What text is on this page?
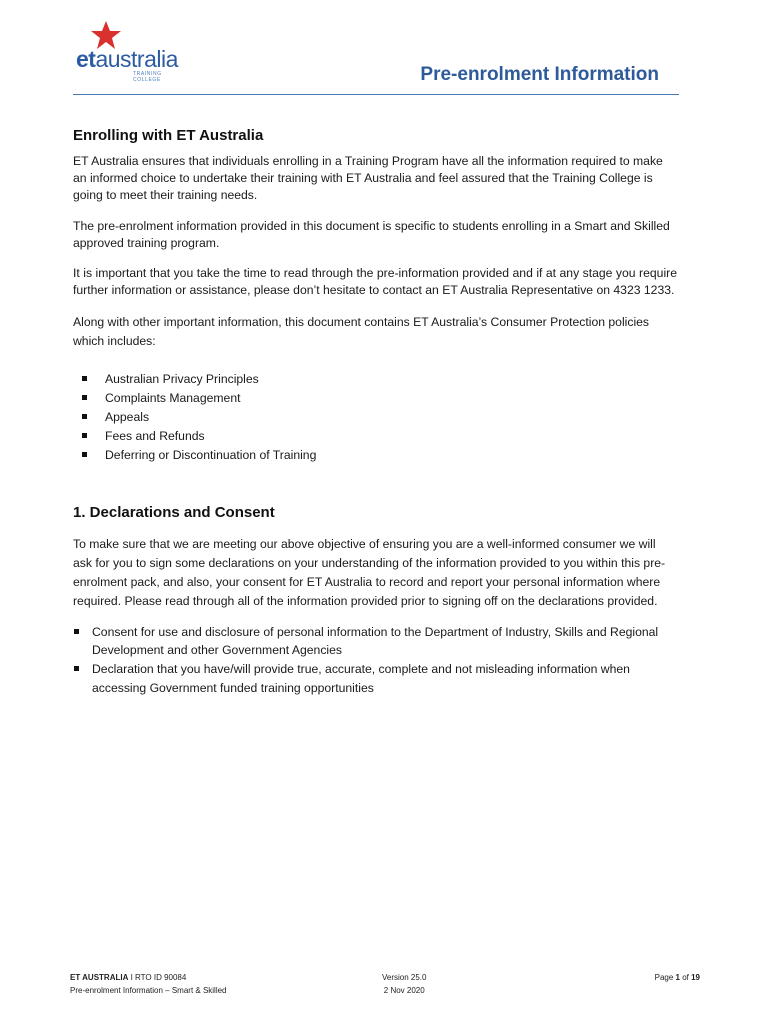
etaustralia
TRAINING COLLEGE	Pre-enrolment Information
Enrolling with ET Australia

ET Australia ensures that individuals enrolling in a Training Program have all the information required to make an informed choice to undertake their training with ET Australia and feel assured that the Training College is going to meet their training needs.

The pre-enrolment information provided in this document is specific to students enrolling in a Smart and Skilled approved training program.

It is important that you take the time to read through the pre-information provided and if at any stage you require further information or assistance, please don’t hesitate to contact an ET Australia Representative on 4323 1233.

Along with other important information, this document contains ET Australia’s Consumer Protection policies which includes:

Australian Privacy Principles
Complaints Management
Appeals
Fees and Refunds
Deferring or Discontinuation of Training
1. Declarations and Consent

To make sure that we are meeting our above objective of ensuring you are a well-informed consumer we will ask for you to sign some declarations on your understanding of the information provided to you within this pre-enrolment pack, and also, your consent for ET Australia to record and report your personal information where required. Please read through all of the information provided prior to signing off on the declarations provided.

Consent for use and disclosure of personal information to the Department of Industry, Skills and Regional Development and other Government Agencies
Declaration that you have/will provide true, accurate, complete and not misleading information when accessing Government funded training opportunities
ET AUSTRALIA I RTO ID 90084
Pre-enrolment Information – Smart & Skilled
Version 25.0
2 Nov 2020
Page 1 of 19
